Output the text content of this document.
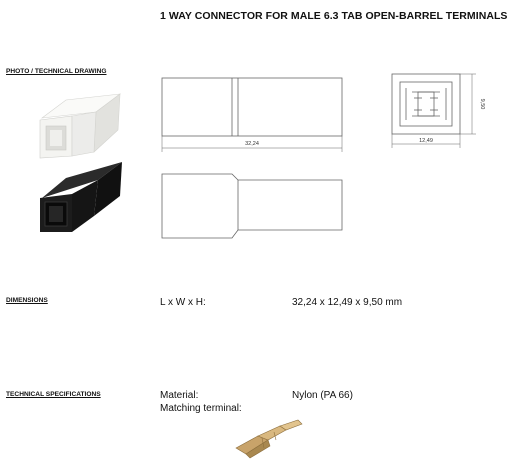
1 WAY CONNECTOR FOR MALE 6.3 TAB OPEN-BARREL TERMINALS
PHOTO / TECHNICAL DRAWING
DIMENSIONS
TECHNICAL SPECIFICATIONS
32,24	12,49
9,50
L x W x H:	32,24 x 12,49 x 9,50 mm
Material:	Nylon (PA 66)
Matching terminal:
